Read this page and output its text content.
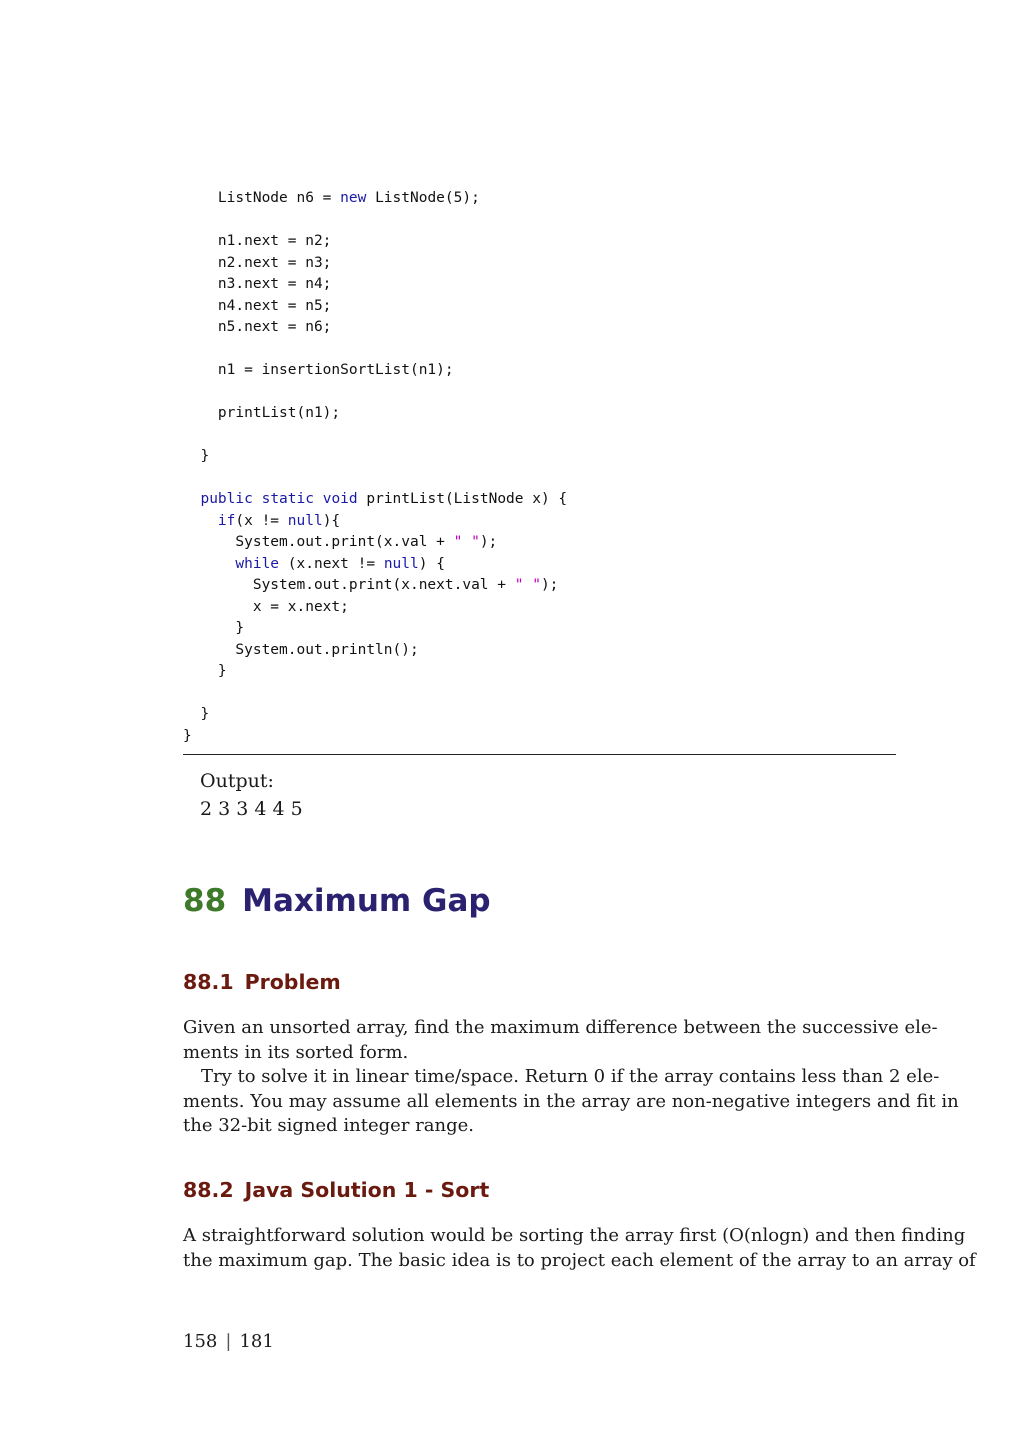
ListNode n6 = new ListNode(5);

n1.next = n2;
n2.next = n3;
n3.next = n4;
n4.next = n5;
n5.next = n6;

n1 = insertionSortList(n1);

printList(n1);

}

public static void printList(ListNode x) {
if(x != null){
System.out.print(x.val + " ");
while (x.next != null) {
System.out.print(x.next.val + " ");
x = x.next;
}
System.out.println();
}

}
}
Output:
2 3 3 4 4 5
88 Maximum Gap
88.1 Problem
Given an unsorted array, find the maximum difference between the successive ele-
ments in its sorted form.
Try to solve it in linear time/space. Return 0 if the array contains less than 2 ele-
ments. You may assume all elements in the array are non-negative integers and fit in
the 32-bit signed integer range.
88.2 Java Solution 1 - Sort
A straightforward solution would be sorting the array first (O(nlogn) and then finding
the maximum gap. The basic idea is to project each element of the array to an array of
158 | 181
